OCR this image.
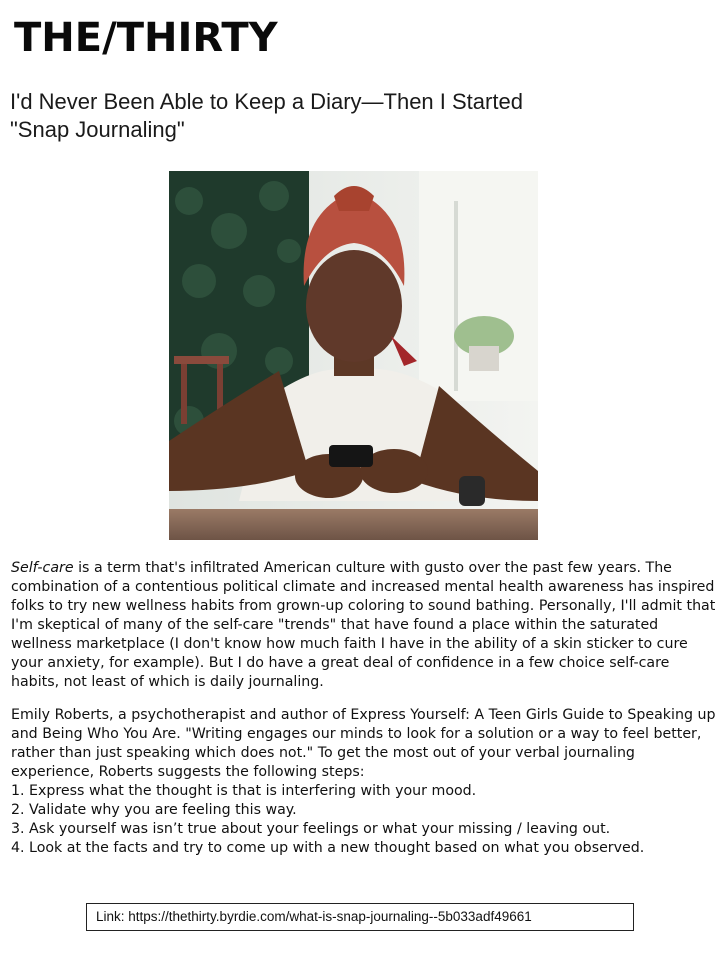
THE/THIRTY
I'd Never Been Able to Keep a Diary—Then I Started
"Snap Journaling"
Self-care is a term that's infiltrated American culture with gusto over the past few years. The combination of a contentious political climate and increased mental health awareness has inspired folks to try new wellness habits from grown-up coloring to sound bathing. Personally, I'll admit that I'm skeptical of many of the self-care "trends" that have found a place within the saturated wellness marketplace (I don't know how much faith I have in the ability of a skin sticker to cure your anxiety, for example). But I do have a great deal of confidence in a few choice self-care habits, not least of which is daily journaling.
Emily Roberts, a psychotherapist and author of Express Yourself: A Teen Girls Guide to Speaking up and Being Who You Are. "Writing engages our minds to look for a solution or a way to feel better, rather than just speaking which does not." To get the most out of your verbal journaling experience, Roberts suggests the following steps:
1. Express what the thought is that is interfering with your mood.
2. Validate why you are feeling this way.
3. Ask yourself was isn’t true about your feelings or what your missing / leaving out.
4. Look at the facts and try to come up with a new thought based on what you observed.
Link: https://thethirty.byrdie.com/what-is-snap-journaling--5b033adf49661
